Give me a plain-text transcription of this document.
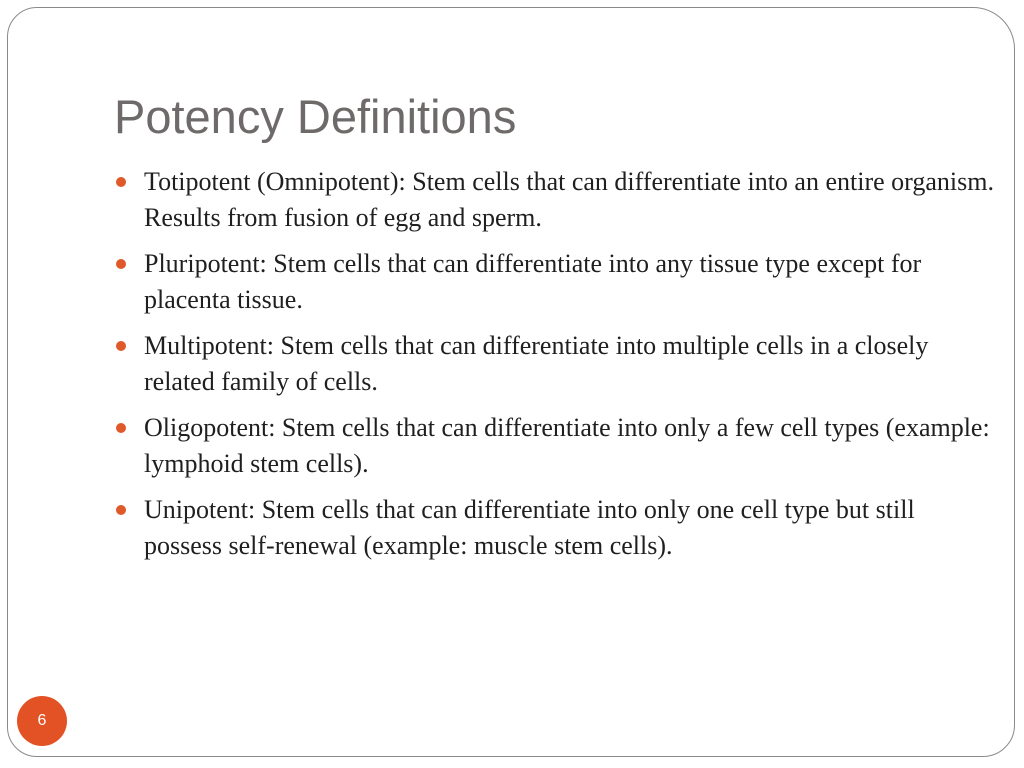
Potency Definitions
Totipotent (Omnipotent): Stem cells that can differentiate into an entire organism. Results from fusion of egg and sperm.
Pluripotent: Stem cells that can differentiate into any tissue type except for placenta tissue.
Multipotent: Stem cells that can differentiate into multiple cells in a closely related family of cells.
Oligopotent: Stem cells that can differentiate into only a few cell types (example: lymphoid stem cells).
Unipotent: Stem cells that can differentiate into only one cell type but still possess self-renewal (example: muscle stem cells).
6
